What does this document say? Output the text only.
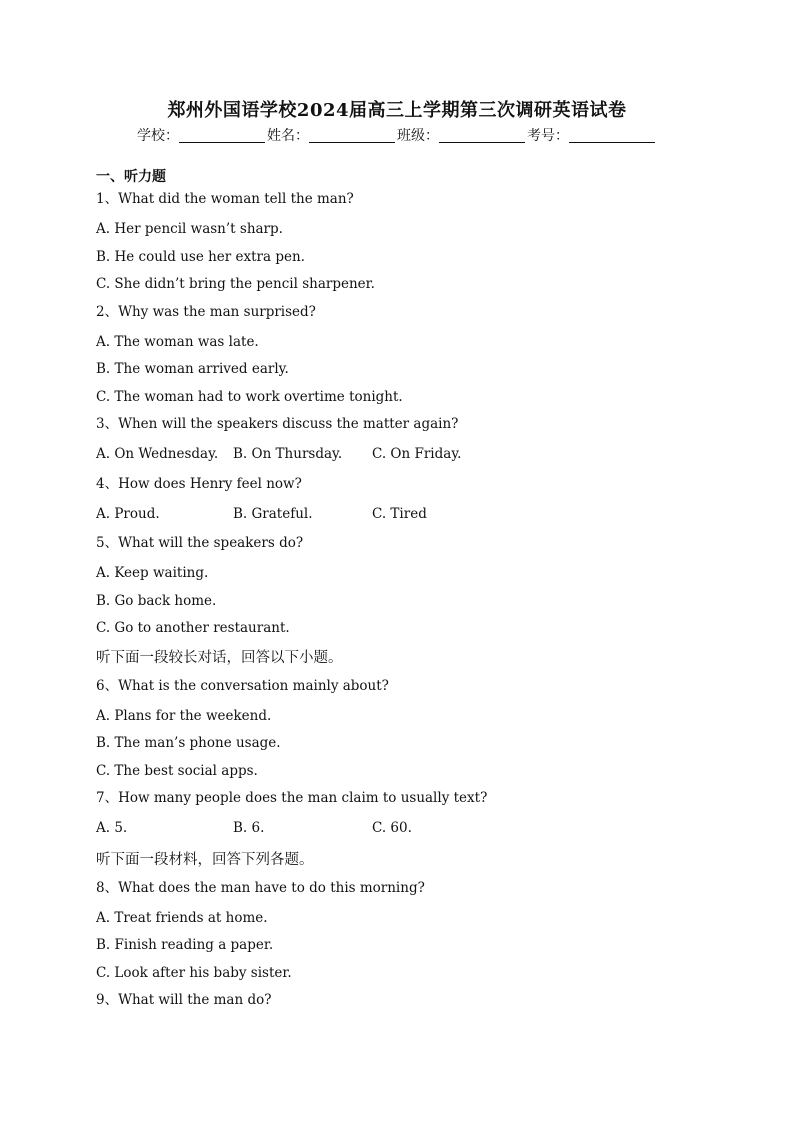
郑州外国语学校2024届高三上学期第三次调研英语试卷
学校：	姓名：	班级：	考号：
一、听力题
1、What did the woman tell the man?
A. Her pencil wasn’t sharp.
B. He could use her extra pen.
C. She didn’t bring the pencil sharpener.
2、Why was the man surprised?
A. The woman was late.
B. The woman arrived early.
C. The woman had to work overtime tonight.
3、When will the speakers discuss the matter again?
A. On Wednesday.	B. On Thursday.	C. On Friday.
4、How does Henry feel now?
A. Proud.	B. Grateful.	C. Tired
5、What will the speakers do?
A. Keep waiting.
B. Go back home.
C. Go to another restaurant.
听下面一段较长对话，回答以下小题。
6、What is the conversation mainly about?
A. Plans for the weekend.
B. The man’s phone usage.
C. The best social apps.
7、How many people does the man claim to usually text?
A. 5.	B. 6.	C. 60.
听下面一段材料，回答下列各题。
8、What does the man have to do this morning?
A. Treat friends at home.
B. Finish reading a paper.
C. Look after his baby sister.
9、What will the man do?
